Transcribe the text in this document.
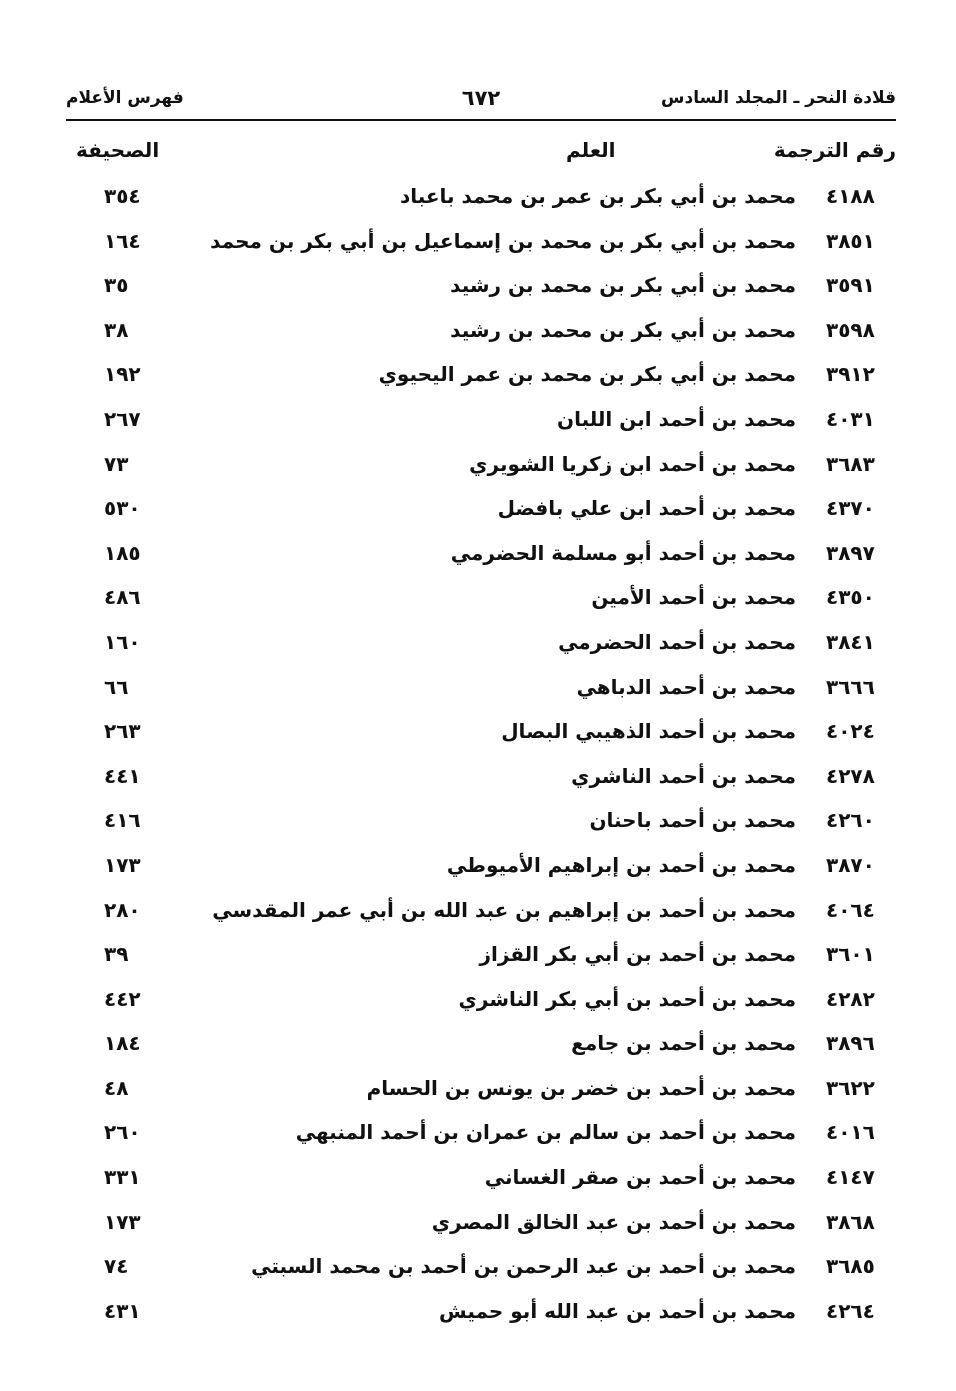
قلادة النحر ـ المجلد السادس
٦٧٢
فهرس الأعلام
رقم الترجمة
العلم
الصحيفة
٤١٨٨
محمد بن أبي بكر بن عمر بن محمد باعباد
٣٥٤
٣٨٥١
محمد بن أبي بكر بن محمد بن إسماعيل بن أبي بكر بن محمد
١٦٤
٣٥٩١
محمد بن أبي بكر بن محمد بن رشيد
٣٥
٣٥٩٨
محمد بن أبي بكر بن محمد بن رشيد
٣٨
٣٩١٢
محمد بن أبي بكر بن محمد بن عمر اليحيوي
١٩٢
٤٠٣١
محمد بن أحمد ابن اللبان
٢٦٧
٣٦٨٣
محمد بن أحمد ابن زكريا الشويري
٧٣
٤٣٧٠
محمد بن أحمد ابن علي بافضل
٥٣٠
٣٨٩٧
محمد بن أحمد أبو مسلمة الحضرمي
١٨٥
٤٣٥٠
محمد بن أحمد الأمين
٤٨٦
٣٨٤١
محمد بن أحمد الحضرمي
١٦٠
٣٦٦٦
محمد بن أحمد الدباهي
٦٦
٤٠٢٤
محمد بن أحمد الذهيبي البصال
٢٦٣
٤٢٧٨
محمد بن أحمد الناشري
٤٤١
٤٢٦٠
محمد بن أحمد باحنان
٤١٦
٣٨٧٠
محمد بن أحمد بن إبراهيم الأميوطي
١٧٣
٤٠٦٤
محمد بن أحمد بن إبراهيم بن عبد الله بن أبي عمر المقدسي
٢٨٠
٣٦٠١
محمد بن أحمد بن أبي بكر القزاز
٣٩
٤٢٨٢
محمد بن أحمد بن أبي بكر الناشري
٤٤٢
٣٨٩٦
محمد بن أحمد بن جامع
١٨٤
٣٦٢٢
محمد بن أحمد بن خضر بن يونس بن الحسام
٤٨
٤٠١٦
محمد بن أحمد بن سالم بن عمران بن أحمد المنبهي
٢٦٠
٤١٤٧
محمد بن أحمد بن صقر الغساني
٣٣١
٣٨٦٨
محمد بن أحمد بن عبد الخالق المصري
١٧٣
٣٦٨٥
محمد بن أحمد بن عبد الرحمن بن أحمد بن محمد السبتي
٧٤
٤٢٦٤
محمد بن أحمد بن عبد الله أبو حميش
٤٣١
